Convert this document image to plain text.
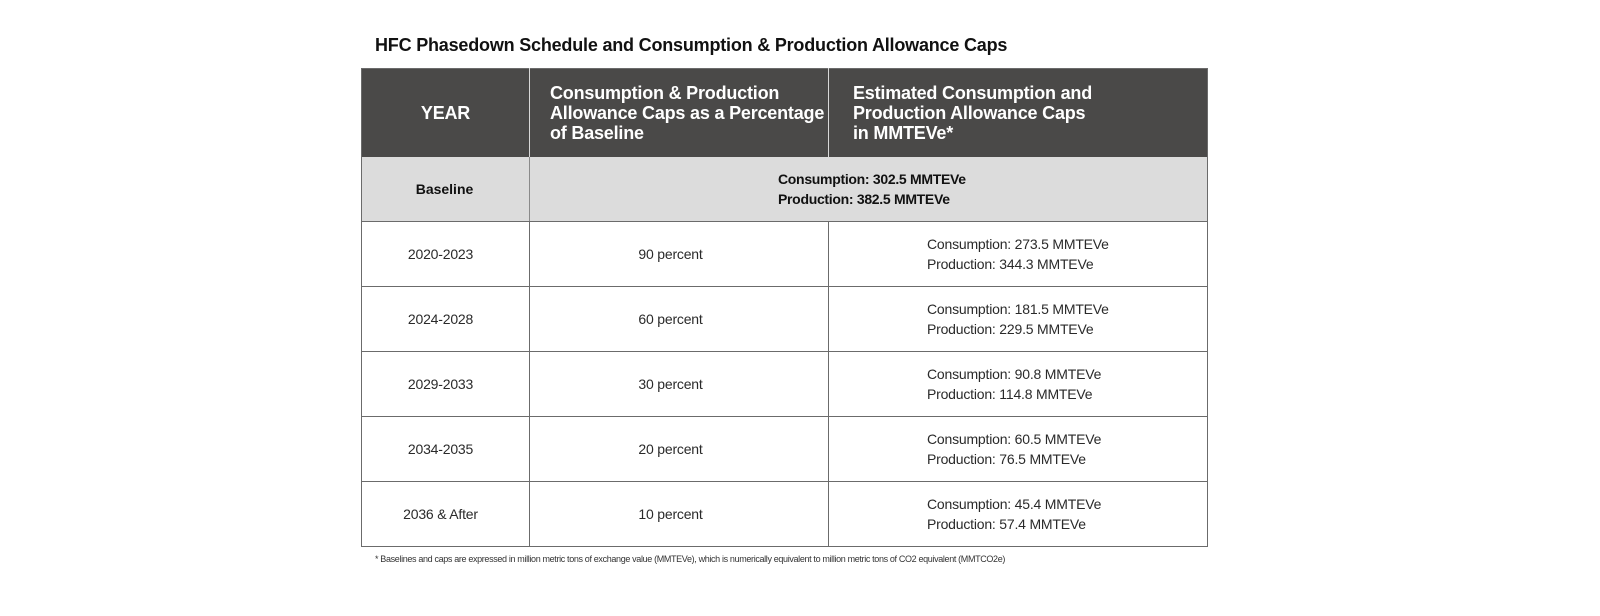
HFC Phasedown Schedule and Consumption & Production Allowance Caps
YEAR	Consumption & Production
Allowance Caps as a Percentage
of Baseline	Estimated Consumption and
Production Allowance Caps
in MMTEVe*

Baseline	Consumption: 302.5 MMTEVe
Production: 382.5 MMTEVe	

2020-2023	90 percent	Consumption: 273.5 MMTEVe
Production: 344.3 MMTEVe

2024-2028	60 percent	Consumption: 181.5 MMTEVe
Production: 229.5 MMTEVe

2029-2033	30 percent	Consumption: 90.8 MMTEVe
Production: 114.8 MMTEVe

2034-2035	20 percent	Consumption: 60.5 MMTEVe
Production: 76.5 MMTEVe

2036 & After	10 percent	Consumption: 45.4 MMTEVe
Production: 57.4 MMTEVe
* Baselines and caps are expressed in million metric tons of exchange value (MMTEVe), which is numerically equivalent to million metric tons of CO2 equivalent (MMTCO2e)
